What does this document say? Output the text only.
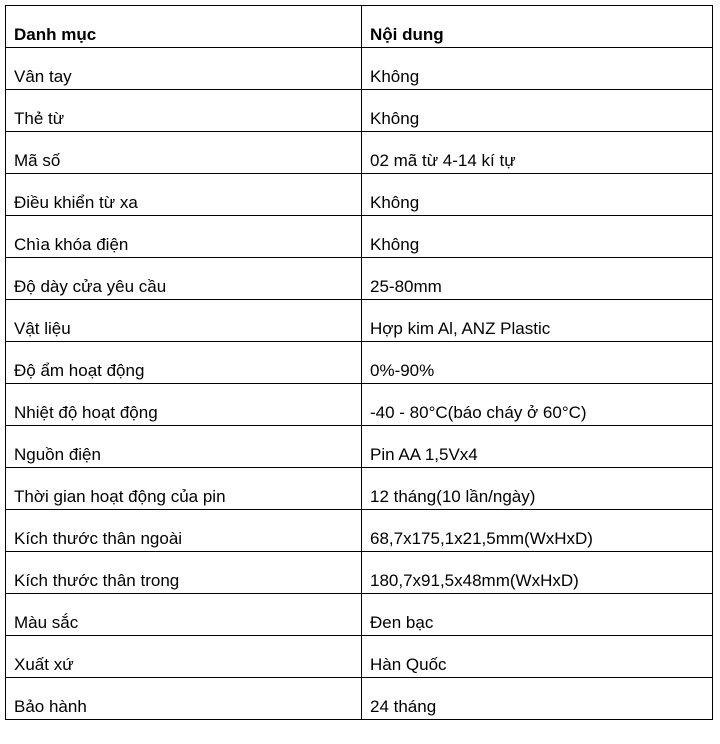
Danh mục	Nội dung

Vân tay	Không

Thẻ từ	Không

Mã số	02 mã từ 4-14 kí tự

Điều khiển từ xa	Không

Chìa khóa điện	Không

Độ dày cửa yêu cầu	25-80mm

Vật liệu	Hợp kim Al, ANZ Plastic

Độ ẩm hoạt động	0%-90%

Nhiệt độ hoạt động	-40 - 80°C(báo cháy ở 60°C)

Nguồn điện	Pin AA 1,5Vx4

Thời gian hoạt động của pin	12 tháng(10 lần/ngày)

Kích thước thân ngoài	68,7x175,1x21,5mm(WxHxD)

Kích thước thân trong	180,7x91,5x48mm(WxHxD)

Màu sắc	Đen bạc

Xuất xứ	Hàn Quốc

Bảo hành	24 tháng
